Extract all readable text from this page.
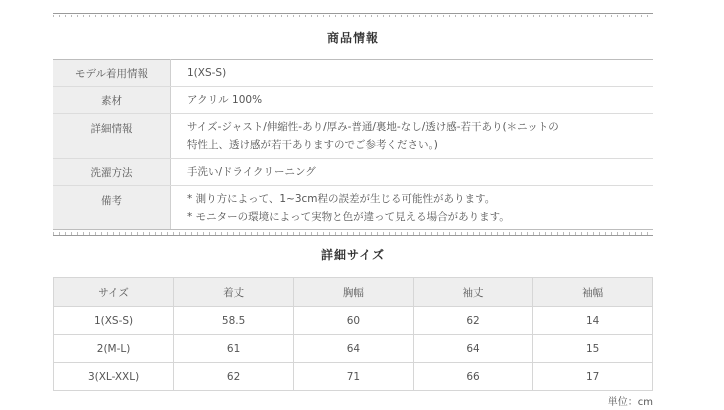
商品情報
モデル着用情報	1(XS-S)
素材	アクリル 100%
詳細情報	サイズ-ジャスト/伸縮性-あり/厚み-普通/裏地-なし/透け感-若干あり(＊ニットの
特性上、透け感が若干ありますのでご参考ください。)

洗濯方法	手洗い/ドライクリーニング
備考	* 測り方によって、1~3cm程の誤差が生じる可能性があります。
* モニターの環境によって実物と色が違って見える場合があります。
詳細サイズ
サイズ	着丈	胸幅	袖丈	袖幅
1(XS-S)	58.5	60	62	14
2(M-L)	61	64	64	15
3(XL-XXL)	62	71	66	17
単位：cm
